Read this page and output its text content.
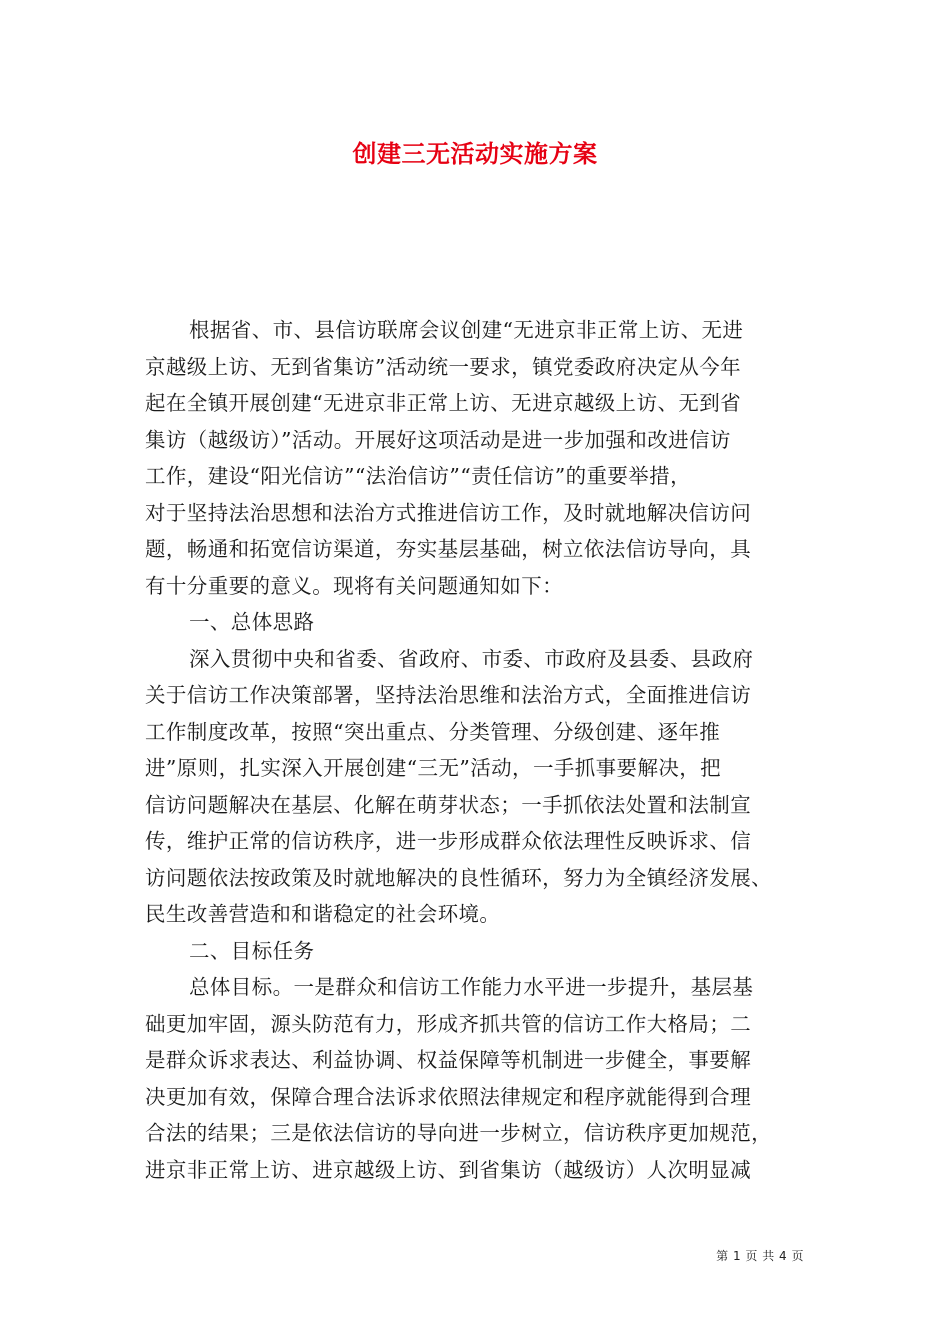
创建三无活动实施方案
根据省、市、县信访联席会议创建“无进京非正常上访、无进
京越级上访、无到省集访”活动统一要求，镇党委政府决定从今年
起在全镇开展创建“无进京非正常上访、无进京越级上访、无到省
集访（越级访）”活动。开展好这项活动是进一步加强和改进信访
工作，建设“阳光信访”“法治信访”“责任信访”的重要举措，
对于坚持法治思想和法治方式推进信访工作，及时就地解决信访问
题，畅通和拓宽信访渠道，夯实基层基础，树立依法信访导向，具
有十分重要的意义。现将有关问题通知如下：
一、总体思路
深入贯彻中央和省委、省政府、市委、市政府及县委、县政府
关于信访工作决策部署，坚持法治思维和法治方式，全面推进信访
工作制度改革，按照“突出重点、分类管理、分级创建、逐年推
进”原则，扎实深入开展创建“三无”活动，一手抓事要解决，把
信访问题解决在基层、化解在萌芽状态；一手抓依法处置和法制宣
传，维护正常的信访秩序，进一步形成群众依法理性反映诉求、信
访问题依法按政策及时就地解决的良性循环，努力为全镇经济发展、
民生改善营造和和谐稳定的社会环境。
二、目标任务
总体目标。一是群众和信访工作能力水平进一步提升，基层基
础更加牢固，源头防范有力，形成齐抓共管的信访工作大格局；二
是群众诉求表达、利益协调、权益保障等机制进一步健全，事要解
决更加有效，保障合理合法诉求依照法律规定和程序就能得到合理
合法的结果；三是依法信访的导向进一步树立，信访秩序更加规范，
进京非正常上访、进京越级上访、到省集访（越级访）人次明显减
第 1 页 共 4 页
